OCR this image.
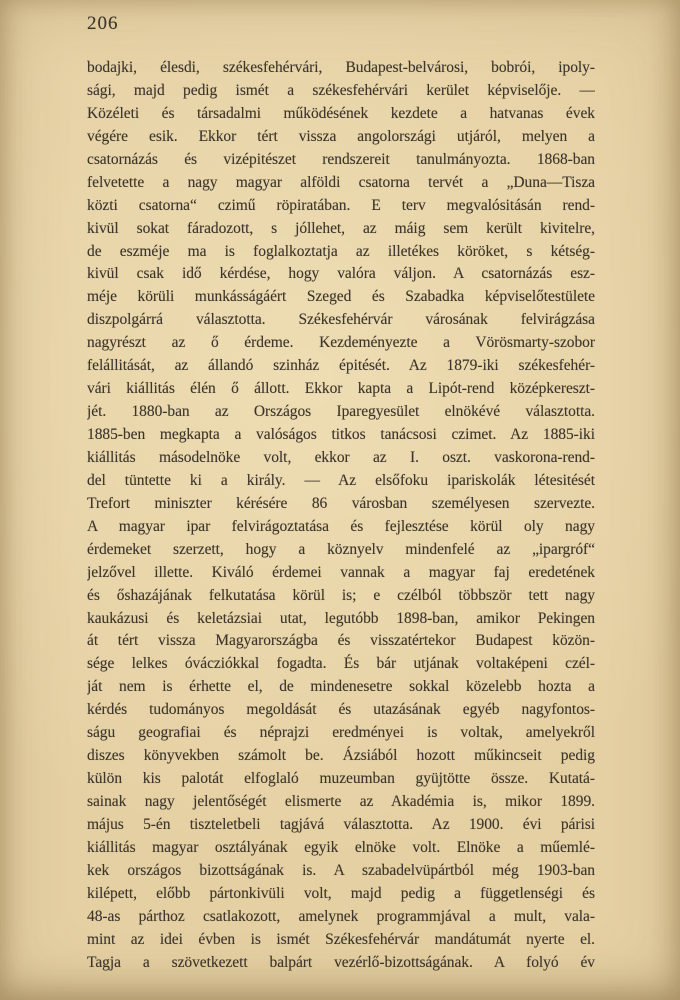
206
bodajki, élesdi, székesfehérvári, Budapest-belvárosi, bobrói, ipoly-
sági, majd pedig ismét a székesfehérvári kerület képviselője. —
Közéleti és társadalmi működésének kezdete a hatvanas évek
végére esik. Ekkor tért vissza angolországi utjáról, melyen a
csatornázás és vizépitészet rendszereit tanulmányozta. 1868-ban
felvetette a nagy magyar alföldi csatorna tervét a „Duna—Tisza
közti csatorna“ czimű röpiratában. E terv megvalósitásán rend-
kivül sokat fáradozott, s jóllehet, az máig sem került kivitelre,
de eszméje ma is foglalkoztatja az illetékes köröket, s kétség-
kivül csak idő kérdése, hogy valóra váljon. A csatornázás esz-
méje körüli munkásságáért Szeged és Szabadka képviselőtestülete
diszpolgárrá választotta. Székesfehérvár városának felvirágzása
nagyrészt az ő érdeme. Kezdeményezte a Vörösmarty-szobor
felállitását, az állandó szinház épitését. Az 1879-iki székesfehér-
vári kiállitás élén ő állott. Ekkor kapta a Lipót-rend középkereszt-
jét. 1880-ban az Országos Iparegyesület elnökévé választotta.
1885-ben megkapta a valóságos titkos tanácsosi czimet. Az 1885-iki
kiállitás másodelnöke volt, ekkor az I. oszt. vaskorona-rend-
del tüntette ki a király. — Az elsőfoku ipariskolák létesitését
Trefort miniszter kérésére 86 városban személyesen szervezte.
A magyar ipar felvirágoztatása és fejlesztése körül oly nagy
érdemeket szerzett, hogy a köznyelv mindenfelé az „ipargróf“
jelzővel illette. Kiváló érdemei vannak a magyar faj eredetének
és őshazájának felkutatása körül is; e czélból többször tett nagy
kaukázusi és keletázsiai utat, legutóbb 1898-ban, amikor Pekingen
át tért vissza Magyarországba és visszatértekor Budapest közön-
sége lelkes óvácziókkal fogadta. És bár utjának voltaképeni czél-
ját nem is érhette el, de mindenesetre sokkal közelebb hozta a
kérdés tudományos megoldását és utazásának egyéb nagyfontos-
ságu geografiai és néprajzi eredményei is voltak, amelyekről
diszes könyvekben számolt be. Ázsiából hozott műkincseit pedig
külön kis palotát elfoglaló muzeumban gyüjtötte össze. Kutatá-
sainak nagy jelentőségét elismerte az Akadémia is, mikor 1899.
május 5-én tiszteletbeli tagjává választotta. Az 1900. évi párisi
kiállitás magyar osztályának egyik elnöke volt. Elnöke a műemlé-
kek országos bizottságának is. A szabadelvüpártból még 1903-ban
kilépett, előbb pártonkivüli volt, majd pedig a függetlenségi és
48-as párthoz csatlakozott, amelynek programmjával a mult, vala-
mint az idei évben is ismét Székesfehérvár mandátumát nyerte el.
Tagja a szövetkezett balpárt vezérlő-bizottságának. A folyó év
